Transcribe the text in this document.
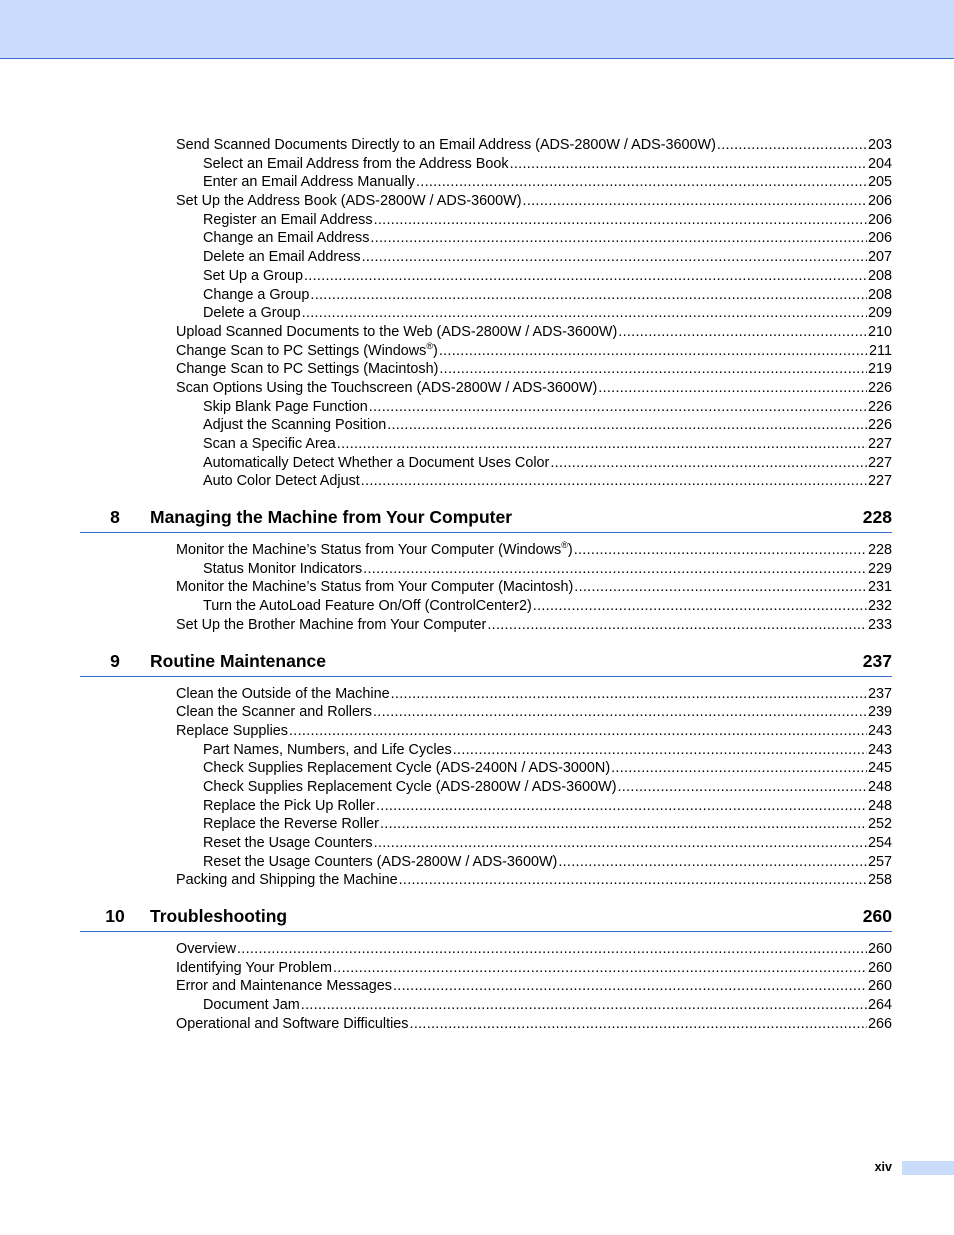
Send Scanned Documents Directly to an Email Address (ADS-2800W / ADS-3600W) .....	203
Select an Email Address from the Address Book .....	204
Enter an Email Address Manually .....	205
Set Up the Address Book (ADS-2800W / ADS-3600W) .....	206
Register an Email Address .....	206
Change an Email Address .....	206
Delete an Email Address .....	207
Set Up a Group .....	208
Change a Group .....	208
Delete a Group .....	209
Upload Scanned Documents to the Web (ADS-2800W / ADS-3600W) .....	210
Change Scan to PC Settings (Windows®) .....	211
Change Scan to PC Settings (Macintosh) .....	219
Scan Options Using the Touchscreen (ADS-2800W / ADS-3600W) .....	226
Skip Blank Page Function .....	226
Adjust the Scanning Position .....	226
Scan a Specific Area .....	227
Automatically Detect Whether a Document Uses Color .....	227
Auto Color Detect Adjust .....	227
8	Managing the Machine from Your Computer	228
Monitor the Machine’s Status from Your Computer (Windows®) .....	228
Status Monitor Indicators .....	229
Monitor the Machine’s Status from Your Computer (Macintosh) .....	231
Turn the AutoLoad Feature On/Off (ControlCenter2) .....	232
Set Up the Brother Machine from Your Computer .....	233
9	Routine Maintenance	237
Clean the Outside of the Machine .....	237
Clean the Scanner and Rollers .....	239
Replace Supplies .....	243
Part Names, Numbers, and Life Cycles .....	243
Check Supplies Replacement Cycle (ADS-2400N / ADS-3000N) .....	245
Check Supplies Replacement Cycle (ADS-2800W / ADS-3600W) .....	248
Replace the Pick Up Roller .....	248
Replace the Reverse Roller .....	252
Reset the Usage Counters .....	254
Reset the Usage Counters (ADS-2800W / ADS-3600W) .....	257
Packing and Shipping the Machine .....	258
10	Troubleshooting	260
Overview .....	260
Identifying Your Problem .....	260
Error and Maintenance Messages .....	260
Document Jam .....	264
Operational and Software Difficulties .....	266
xiv
